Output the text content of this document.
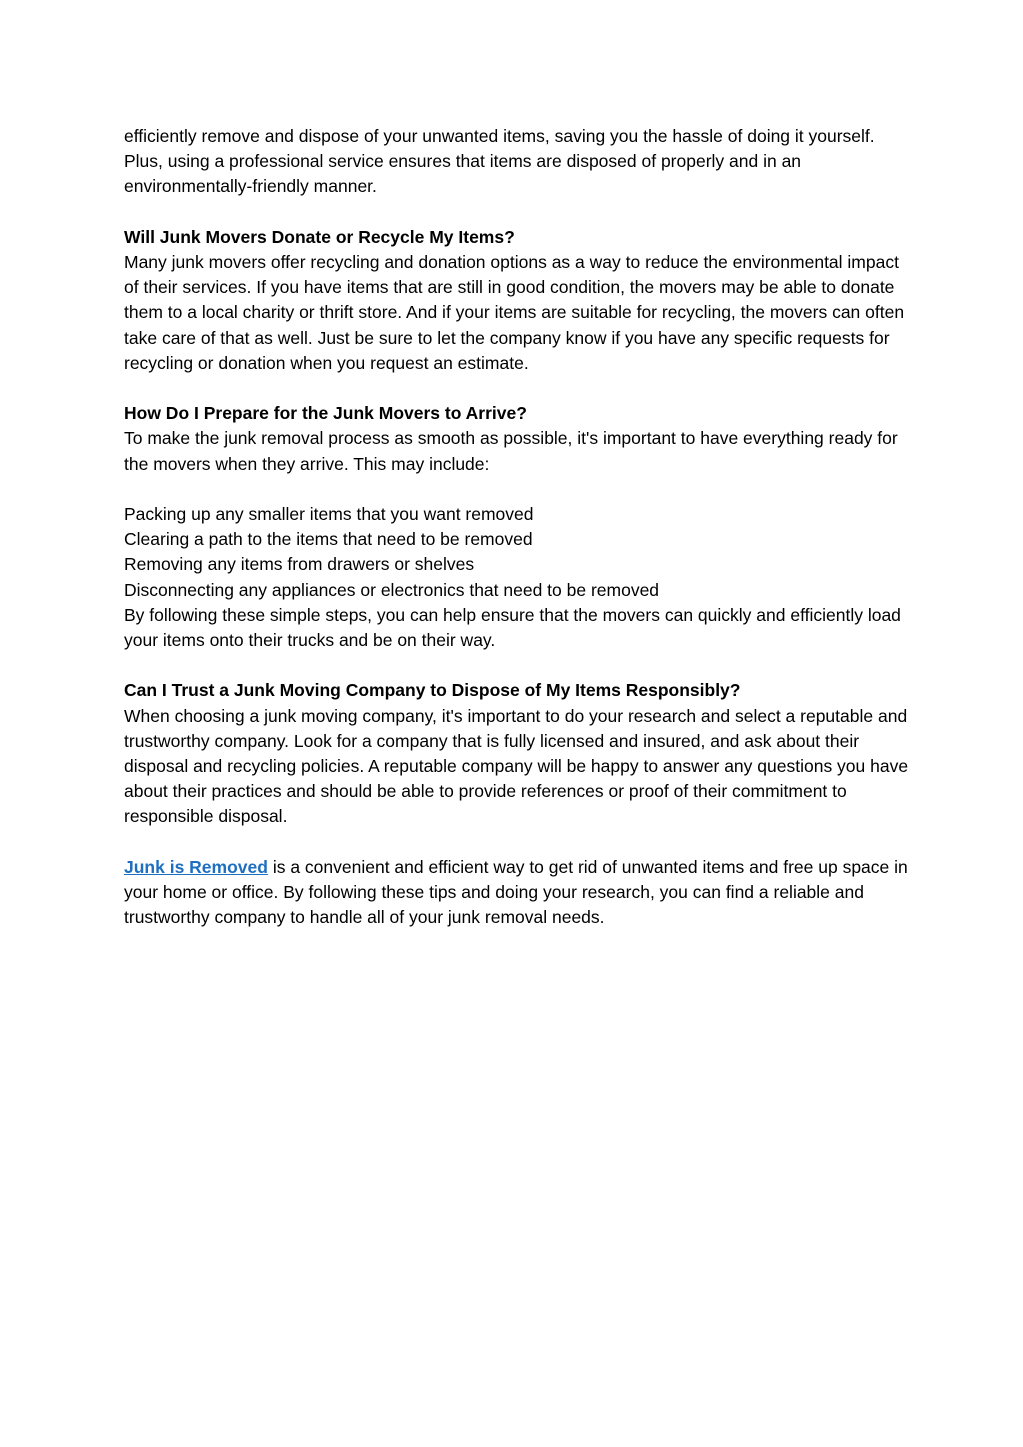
efficiently remove and dispose of your unwanted items, saving you the hassle of doing it yourself. Plus, using a professional service ensures that items are disposed of properly and in an environmentally-friendly manner.

Will Junk Movers Donate or Recycle My Items?

Many junk movers offer recycling and donation options as a way to reduce the environmental impact of their services. If you have items that are still in good condition, the movers may be able to donate them to a local charity or thrift store. And if your items are suitable for recycling, the movers can often take care of that as well. Just be sure to let the company know if you have any specific requests for recycling or donation when you request an estimate.

How Do I Prepare for the Junk Movers to Arrive?

To make the junk removal process as smooth as possible, it's important to have everything ready for the movers when they arrive. This may include:

Packing up any smaller items that you want removed

Clearing a path to the items that need to be removed

Removing any items from drawers or shelves

Disconnecting any appliances or electronics that need to be removed

By following these simple steps, you can help ensure that the movers can quickly and efficiently load your items onto their trucks and be on their way.

Can I Trust a Junk Moving Company to Dispose of My Items Responsibly?

When choosing a junk moving company, it's important to do your research and select a reputable and trustworthy company. Look for a company that is fully licensed and insured, and ask about their disposal and recycling policies. A reputable company will be happy to answer any questions you have about their practices and should be able to provide references or proof of their commitment to responsible disposal.

Junk is Removed is a convenient and efficient way to get rid of unwanted items and free up space in your home or office. By following these tips and doing your research, you can find a reliable and trustworthy company to handle all of your junk removal needs.
